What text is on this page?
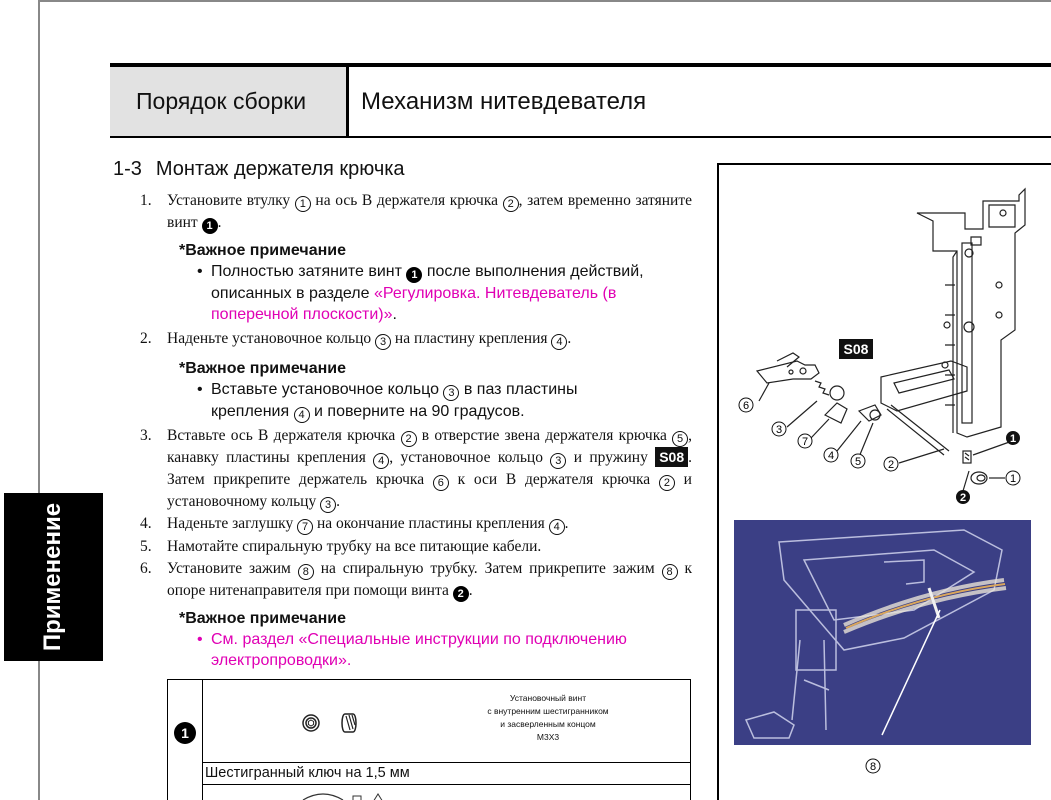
Порядок сборки	Механизм нитевдевателя
Применение
1-3 Монтаж держателя крючка
1. Установите втулку 1 на ось B держателя крючка 2 , затем временно затяните винт 1 .
*Важное примечание
• Полностью затяните винт 1 после выполнения действий, описанных в разделе «Регулировка. Нитевдеватель (в поперечной плоскости)».
2. Наденьте установочное кольцо 3 на пластину крепления 4 .
*Важное примечание
• Вставьте установочное кольцо 3 в паз пластины крепления 4 и поверните на 90 градусов.
3. Вставьте ось B держателя крючка 2 в отверстие звена держателя крючка 5 , канавку пластины крепления 4 , установочное кольцо 3 и пружину S08 . Затем прикрепите держатель крючка 6 к оси B держателя крючка 2 и установочному кольцу 3 .
4. Наденьте заглушку 7 на окончание пластины крепления 4 .
5. Намотайте спиральную трубку на все питающие кабели.
6. Установите зажим 8 на спиральную трубку. Затем прикрепите зажим 8 к опоре нитенаправителя при помощи винта 2 .
*Важное примечание
• См. раздел «Специальные инструкции по подключению электропроводки».
1
Установочный винт
с внутренним шестигранником
и засверленным концом
M3X3
Шестигранный ключ на 1,5 мм
S08
6
3
7
4 5 2
1
1
2
8
